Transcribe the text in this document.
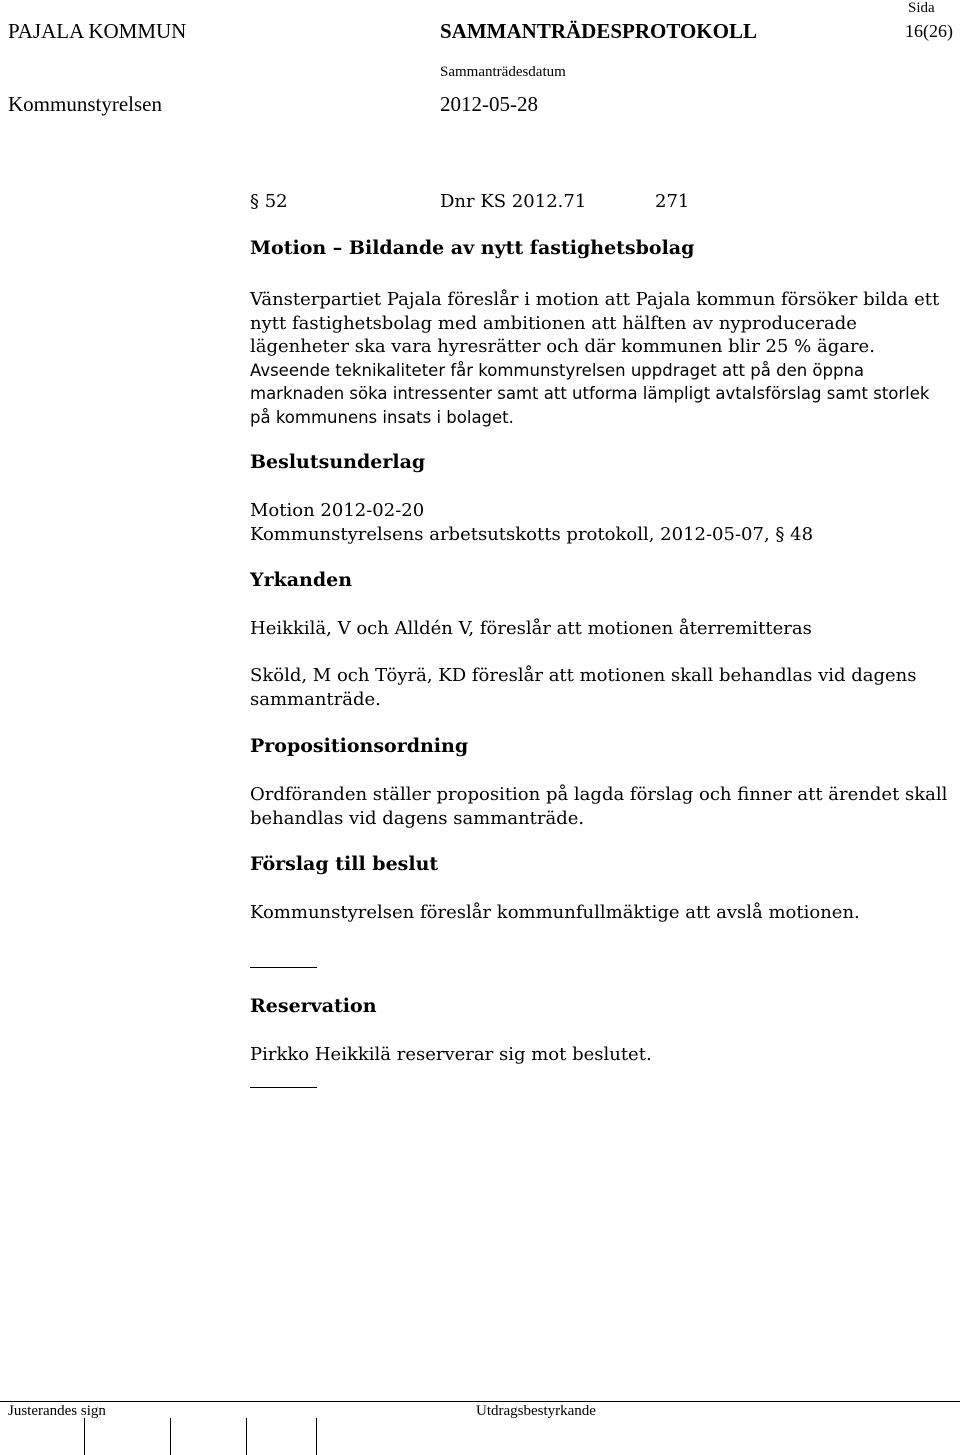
Sida
PAJALA KOMMUN	SAMMANTRÄDESPROTOKOLL	16(26)
Sammanträdesdatum
Kommunstyrelsen	2012-05-28
§ 52	Dnr KS 2012.71	271
Motion – Bildande av nytt fastighetsbolag

Vänsterpartiet Pajala föreslår i motion att Pajala kommun försöker bilda ett nytt fastighetsbolag med ambitionen att hälften av nyproducerade lägenheter ska vara hyresrätter och där kommunen blir 25 % ägare. Avseende teknikaliteter får kommunstyrelsen uppdraget att på den öppna marknaden söka intressenter samt att utforma lämpligt avtalsförslag samt storlek på kommunens insats i bolaget.

Beslutsunderlag

Motion 2012-02-20

Kommunstyrelsens arbetsutskotts protokoll, 2012-05-07, § 48

Yrkanden
Heikkilä, V och Alldén V, föreslår att motionen återremitteras
Sköld, M och Töyrä, KD föreslår att motionen skall behandlas vid dagens sammanträde.
Propositionsordning
Ordföranden ställer proposition på lagda förslag och finner att ärendet skall behandlas vid dagens sammanträde.
Förslag till beslut
Kommunstyrelsen föreslår kommunfullmäktige att avslå motionen.
Reservation
Pirkko Heikkilä reserverar sig mot beslutet.
Justerandes sign	Utdragsbestyrkande
